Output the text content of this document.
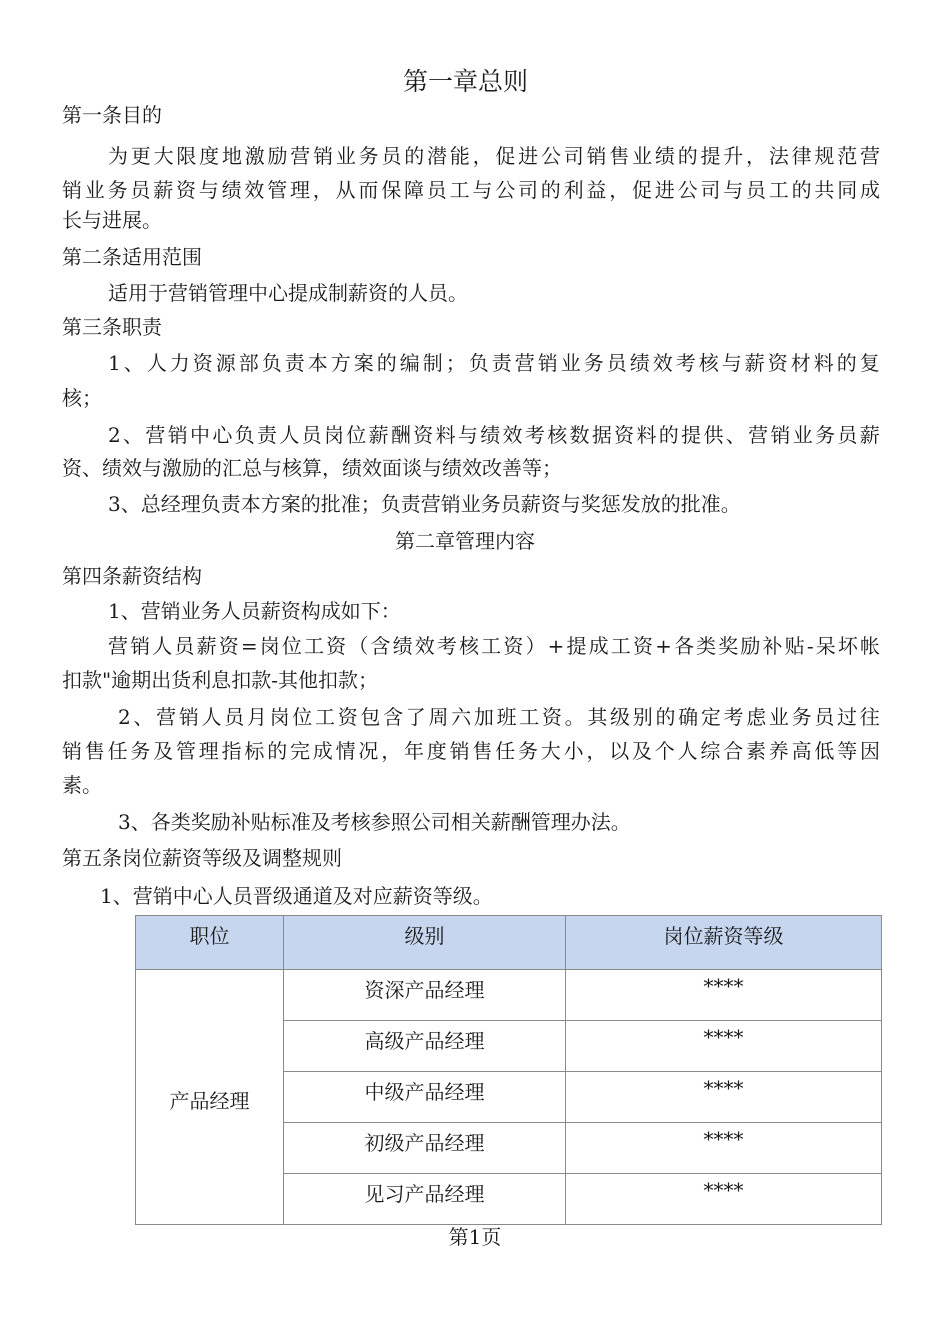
第一章总则
第一条目的
为更大限度地激励营销业务员的潜能，促进公司销售业绩的提升，法律规范营
销业务员薪资与绩效管理，从而保障员工与公司的利益，促进公司与员工的共同成
长与进展。
第二条适用范围
适用于营销管理中心提成制薪资的人员。
第三条职责
1、人力资源部负责本方案的编制；负责营销业务员绩效考核与薪资材料的复
核；
2、营销中心负责人员岗位薪酬资料与绩效考核数据资料的提供、营销业务员薪
资、绩效与激励的汇总与核算，绩效面谈与绩效改善等；
3、总经理负责本方案的批准；负责营销业务员薪资与奖惩发放的批准。
第二章管理内容
第四条薪资结构
1、营销业务人员薪资构成如下：
营销人员薪资=岗位工资（含绩效考核工资）+提成工资+各类奖励补贴-呆坏帐
扣款"逾期出货利息扣款-其他扣款；
2、营销人员月岗位工资包含了周六加班工资。其级别的确定考虑业务员过往
销售任务及管理指标的完成情况，年度销售任务大小，以及个人综合素养高低等因
素。
3、各类奖励补贴标准及考核参照公司相关薪酬管理办法。
第五条岗位薪资等级及调整规则
1、营销中心人员晋级通道及对应薪资等级。
职位	级别	岗位薪资等级
产品经理	资深产品经理	****
	高级产品经理	****
	中级产品经理	****
	初级产品经理	****
	见习产品经理	****
第1页
